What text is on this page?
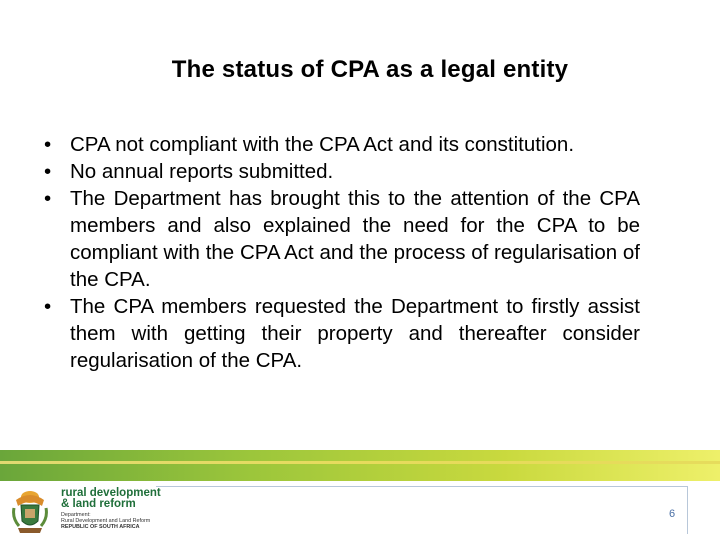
The status of CPA as a legal entity
• CPA not compliant with the CPA Act and its constitution.
• No annual reports submitted.
• The Department has brought this to the attention of the CPA members and also explained the need for the CPA to be compliant with the CPA Act and the process of regularisation of the CPA.
• The CPA members requested the Department to firstly assist them with getting their property and thereafter consider regularisation of the CPA.
rural development
& land reform
Department:
Rural Development and Land Reform
REPUBLIC OF SOUTH AFRICA
6
